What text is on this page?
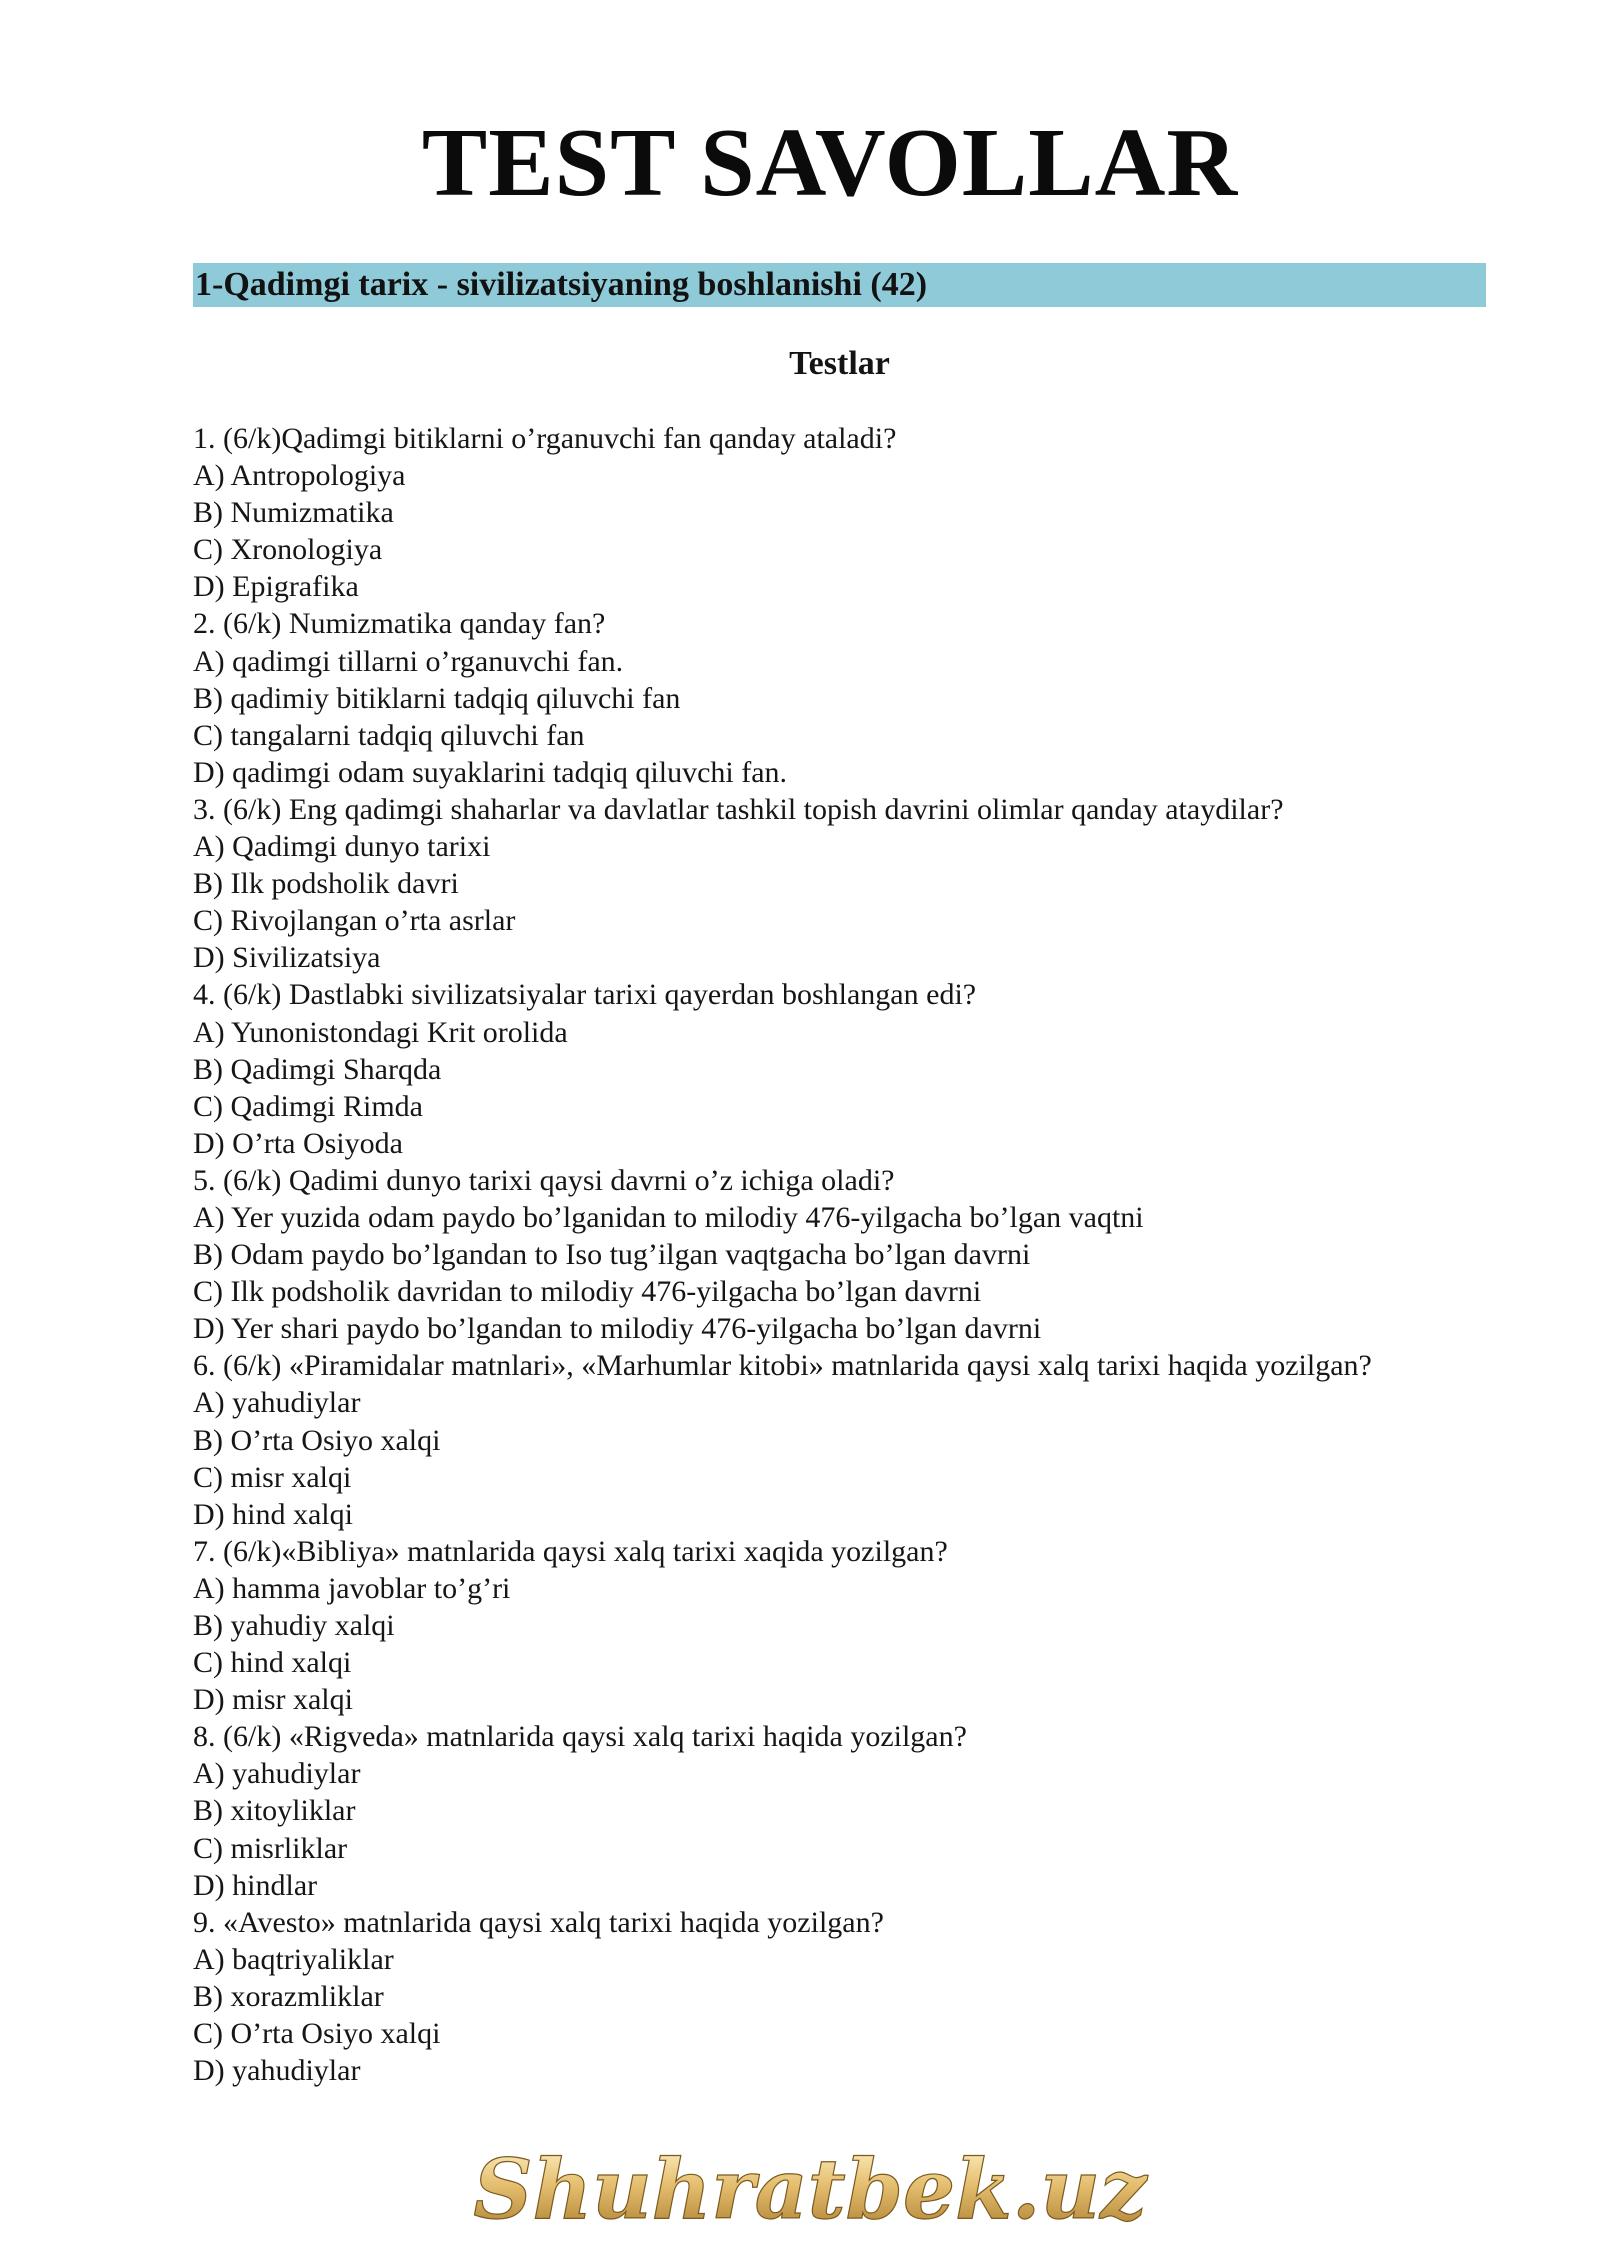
TEST SAVOLLAR
1-Qadimgi tarix - sivilizatsiyaning boshlanishi (42)
Testlar
1. (6/k)Qadimgi bitiklarni o’rganuvchi fan qanday ataladi?
A) Antropologiya
B) Numizmatika
C) Xronologiya
D) Epigrafika
2. (6/k) Numizmatika qanday fan?
A) qadimgi tillarni o’rganuvchi fan.
B) qadimiy bitiklarni tadqiq qiluvchi fan
C) tangalarni tadqiq qiluvchi fan
D) qadimgi odam suyaklarini tadqiq qiluvchi fan.
3. (6/k) Eng qadimgi shaharlar va davlatlar tashkil topish davrini olimlar qanday ataydilar?
A) Qadimgi dunyo tarixi
B) Ilk podsholik davri
C) Rivojlangan o’rta asrlar
D) Sivilizatsiya
4. (6/k) Dastlabki sivilizatsiyalar tarixi qayerdan boshlangan edi?
A) Yunonistondagi Krit orolida
B) Qadimgi Sharqda
C) Qadimgi Rimda
D) O’rta Osiyoda
5. (6/k) Qadimi dunyo tarixi qaysi davrni o’z ichiga oladi?
A) Yer yuzida odam paydo bo’lganidan to milodiy 476-yilgacha bo’lgan vaqtni
B) Odam paydo bo’lgandan to Iso tug’ilgan vaqtgacha bo’lgan davrni
C) Ilk podsholik davridan to milodiy 476-yilgacha bo’lgan davrni
D) Yer shari paydo bo’lgandan to milodiy 476-yilgacha bo’lgan davrni
6. (6/k) «Piramidalar matnlari», «Marhumlar kitobi» matnlarida qaysi xalq tarixi haqida yozilgan?
A) yahudiylar
B) O’rta Osiyo xalqi
C) misr xalqi
D) hind xalqi
7. (6/k)«Bibliya» matnlarida qaysi xalq tarixi xaqida yozilgan?
A) hamma javoblar to’g’ri
B) yahudiy xalqi
C) hind xalqi
D) misr xalqi
8. (6/k) «Rigveda» matnlarida qaysi xalq tarixi haqida yozilgan?
A) yahudiylar
B) xitoyliklar
C) misrliklar
D) hindlar
9. «Avesto» matnlarida qaysi xalq tarixi haqida yozilgan?
A) baqtriyaliklar
B) xorazmliklar
C) O’rta Osiyo xalqi
D) yahudiylar
Shuhratbek.uz
